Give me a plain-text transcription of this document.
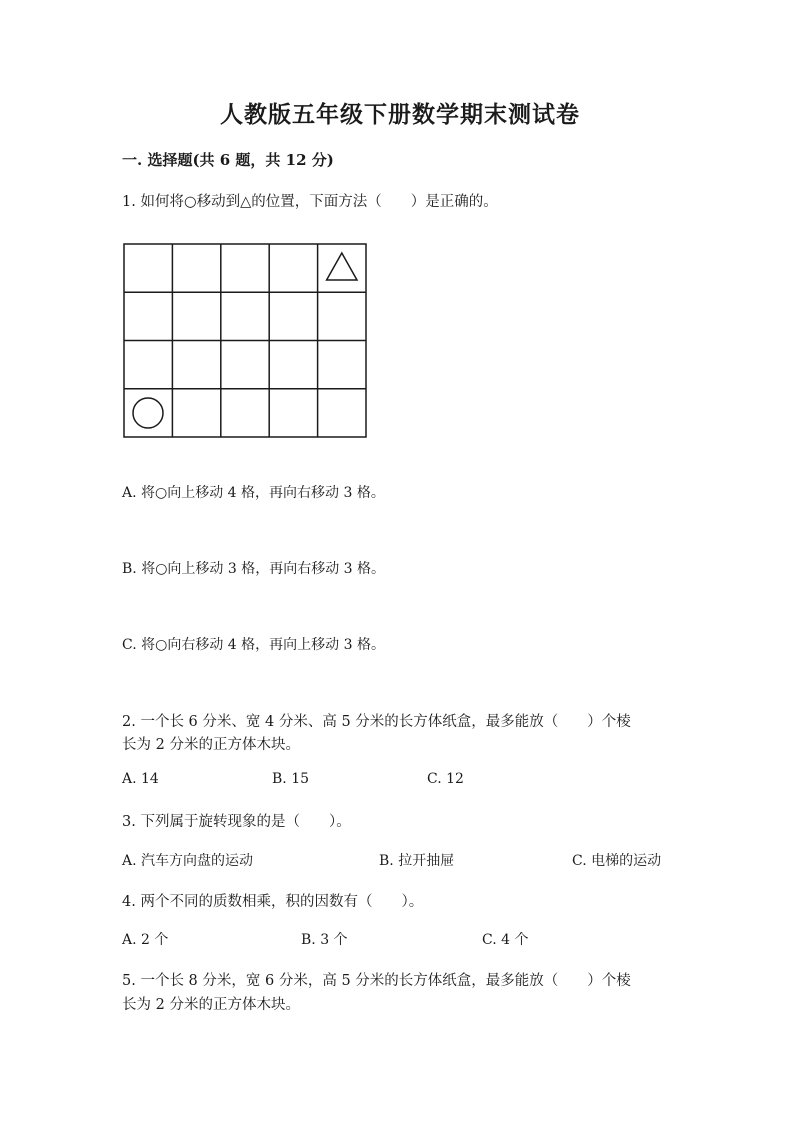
人教版五年级下册数学期末测试卷
一. 选择题(共 6 题，共 12 分)
1. 如何将○移动到△的位置，下面方法（　　）是正确的。
A. 将○向上移动 4 格，再向右移动 3 格。
B. 将○向上移动 3 格，再向右移动 3 格。
C. 将○向右移动 4 格，再向上移动 3 格。
2. 一个长 6 分米、宽 4 分米、高 5 分米的长方体纸盒，最多能放（　　）个棱
长为 2 分米的正方体木块。
A. 14	B. 15	C. 12
3. 下列属于旋转现象的是（　　）。
A. 汽车方向盘的运动	B. 拉开抽屉	C. 电梯的运动
4. 两个不同的质数相乘，积的因数有（　　）。
A. 2 个	B. 3 个	C. 4 个
5. 一个长 8 分米，宽 6 分米，高 5 分米的长方体纸盒，最多能放（　　）个棱
长为 2 分米的正方体木块。
